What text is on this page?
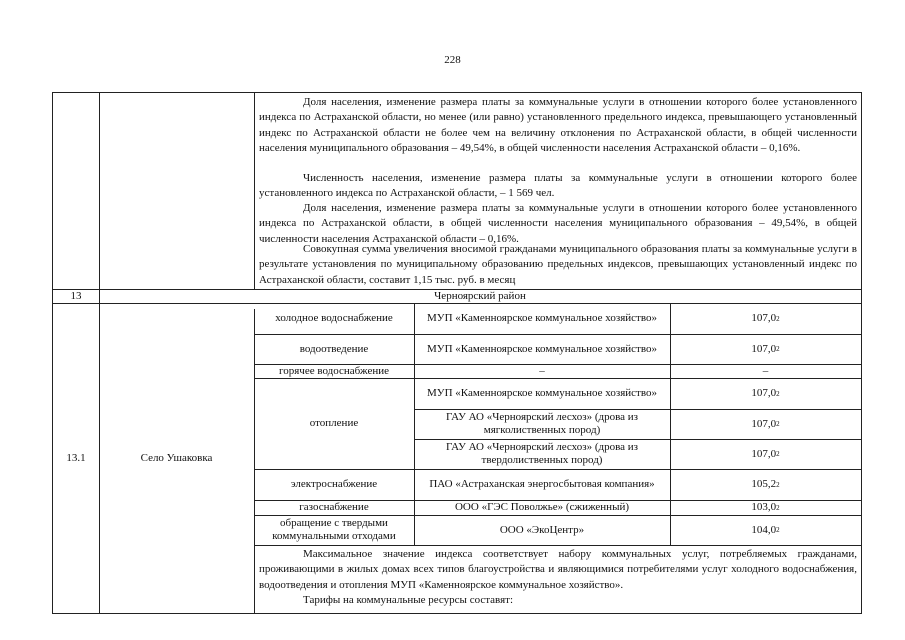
228
Доля населения, изменение размера платы за коммунальные услуги в отношении которого более установленного индекса по Астраханской области, но менее (или равно) установленного предельного индекса, превышающего установленный индекс по Астраханской области не более чем на величину отклонения по Астраханской области, в общей численности населения муниципального образования – 49,54%, в общей численности населения Астраханской области – 0,16%.
Численность населения, изменение размера платы за коммунальные услуги в отношении которого более установленного индекса по Астраханской области, – 1 569 чел.
Доля населения, изменение размера платы за коммунальные услуги в отношении которого более установленного индекса по Астраханской области, в общей численности населения муниципального образования – 49,54%, в общей численности населения Астраханской области – 0,16%.
Совокупная сумма увеличения вносимой гражданами муниципального образования платы за коммунальные услуги в результате установления по муниципальному образованию предельных индексов, превышающих установленный индекс по Астраханской области, составит 1,15 тыс. руб. в месяц
13	Черноярский район
13.1	Село Ушаковка
холодное водоснабжение
водоотведение
горячее водоснабжение
отопление
электроснабжение
газоснабжение
обращение с твердыми коммунальными отходами
МУП «Каменноярское коммунальное хозяйство»
МУП «Каменноярское коммунальное хозяйство»
–
МУП «Каменноярское коммунальное хозяйство»
ГАУ АО «Черноярский лесхоз» (дрова из мягколиственных пород)
ГАУ АО «Черноярский лесхоз» (дрова из твердолиственных пород)
ПАО «Астраханская энергосбытовая компания»
ООО «ГЭС Поволжье» (сжиженный)
ООО «ЭкоЦентр»
107,0 2
107,0 2
–
107,0 2
107,0 2
107,0 2
105,2 2
103,0 2
104,0 2
Максимальное значение индекса соответствует набору коммунальных услуг, потребляемых гражданами, проживающими в жилых домах всех типов благоустройства и являющимися потребителями услуг холодного водоснабжения, водоотведения и отопления МУП «Каменноярское коммунальное хозяйство».
Тарифы на коммунальные ресурсы составят:
